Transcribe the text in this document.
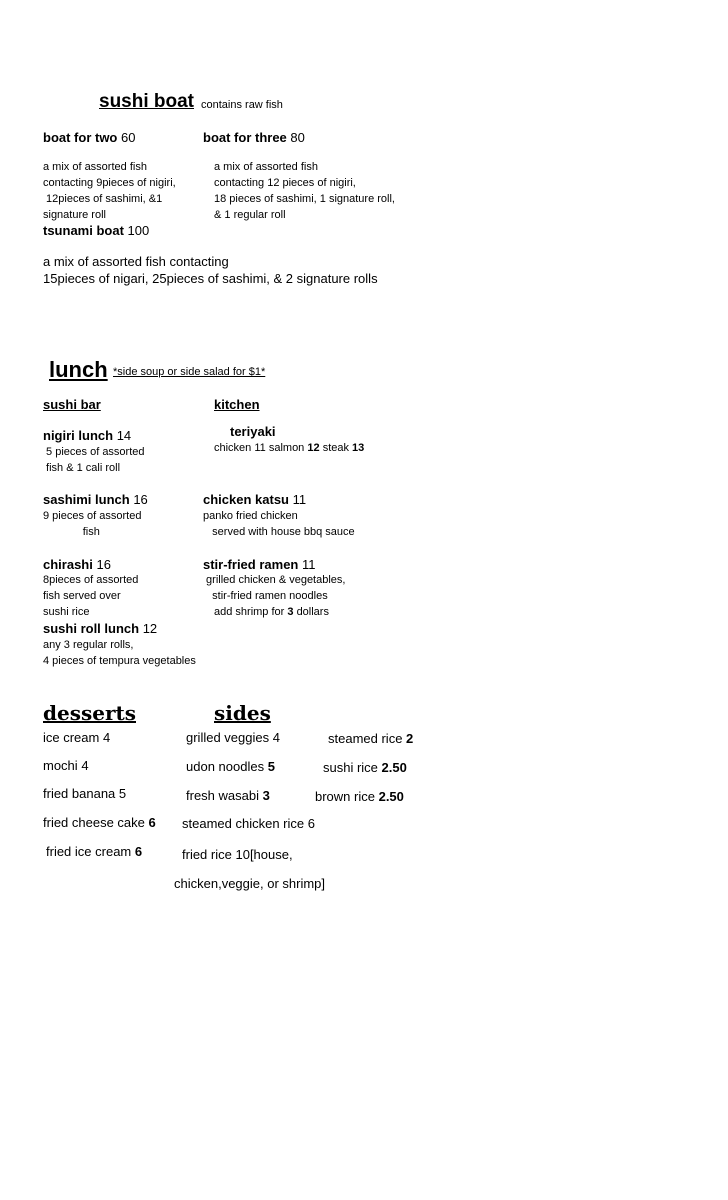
sushi boat contains raw fish
boat for two 60	boat for three 80
a mix of assorted fish
contacting 9pieces of nigiri,
12pieces of sashimi, &1
signature roll
a mix of assorted fish
contacting 12 pieces of nigiri,
18 pieces of sashimi, 1 signature roll,
& 1 regular roll
tsunami boat 100
a mix of assorted fish contacting
15pieces of nigari, 25pieces of sashimi, & 2 signature rolls
lunch *side soup or side salad for $1*
sushi bar	kitchen
nigiri lunch 14
5 pieces of assorted
fish & 1 cali roll
sashimi lunch 16
9 pieces of assorted
fish
chirashi 16
8pieces of assorted
fish served over
sushi rice
sushi roll lunch 12
any 3 regular rolls,
4 pieces of tempura vegetables
teriyaki
chicken 11 salmon 12 steak 13
chicken katsu 11
panko fried chicken
served with house bbq sauce
stir-fried ramen 11
grilled chicken & vegetables,
stir-fried ramen noodles
add shrimp for 3 dollars
desserts
ice cream 4
mochi 4
fried banana 5
fried cheese cake 6
fried ice cream 6
sides
grilled veggies 4
udon noodles 5
fresh wasabi 3
steamed chicken rice 6
fried rice 10[house,
chicken,veggie, or shrimp]
steamed rice 2
sushi rice 2.50
brown rice 2.50
